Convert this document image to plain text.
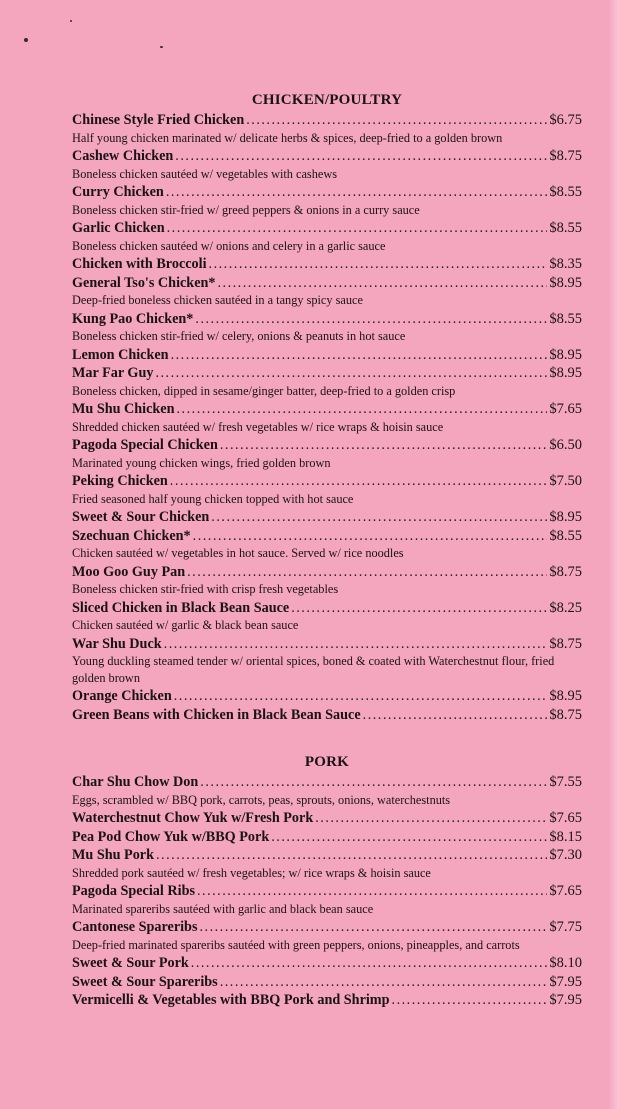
CHICKEN/POULTRY
Chinese Style Fried Chicken .....	$6.75
Half young chicken marinated w/ delicate herbs & spices, deep-fried to a golden brown
Cashew Chicken .....	$8.75
Boneless chicken sautéed w/ vegetables with cashews
Curry Chicken .....	$8.55
Boneless chicken stir-fried w/ greed peppers & onions in a curry sauce
Garlic Chicken .....	$8.55
Boneless chicken sautéed w/ onions and celery in a garlic sauce
Chicken with Broccoli .....	$8.35
General Tso's Chicken* .....	$8.95
Deep-fried boneless chicken sautéed in a tangy spicy sauce
Kung Pao Chicken* .....	$8.55
Boneless chicken stir-fried w/ celery, onions & peanuts in hot sauce
Lemon Chicken .....	$8.95
Mar Far Guy .....	$8.95
Boneless chicken, dipped in sesame/ginger batter, deep-fried to a golden crisp
Mu Shu Chicken .....	$7.65
Shredded chicken sautéed w/ fresh vegetables w/ rice wraps & hoisin sauce
Pagoda Special Chicken .....	$6.50
Marinated young chicken wings, fried golden brown
Peking Chicken .....	$7.50
Fried seasoned half young chicken topped with hot sauce
Sweet & Sour Chicken .....	$8.95
Szechuan Chicken* .....	$8.55
Chicken sautéed w/ vegetables in hot sauce. Served w/ rice noodles
Moo Goo Guy Pan .....	$8.75
Boneless chicken stir-fried with crisp fresh vegetables
Sliced Chicken in Black Bean Sauce .....	$8.25
Chicken sautéed w/ garlic & black bean sauce
War Shu Duck .....	$8.75
Young duckling steamed tender w/ oriental spices, boned & coated with Waterchestnut flour, fried golden brown
Orange Chicken .....	$8.95
Green Beans with Chicken in Black Bean Sauce .....	$8.75
PORK
Char Shu Chow Don .....	$7.55
Eggs, scrambled w/ BBQ pork, carrots, peas, sprouts, onions, waterchestnuts
Waterchestnut Chow Yuk w/Fresh Pork .....	$7.65
Pea Pod Chow Yuk w/BBQ Pork .....	$8.15
Mu Shu Pork .....	$7.30
Shredded pork sautéed w/ fresh vegetables; w/ rice wraps & hoisin sauce
Pagoda Special Ribs .....	$7.65
Marinated spareribs sautéed with garlic and black bean sauce
Cantonese Spareribs .....	$7.75
Deep-fried marinated spareribs sautéed with green peppers, onions, pineapples, and carrots
Sweet & Sour Pork .....	$8.10
Sweet & Sour Spareribs .....	$7.95
Vermicelli & Vegetables with BBQ Pork and Shrimp .....	$7.95
